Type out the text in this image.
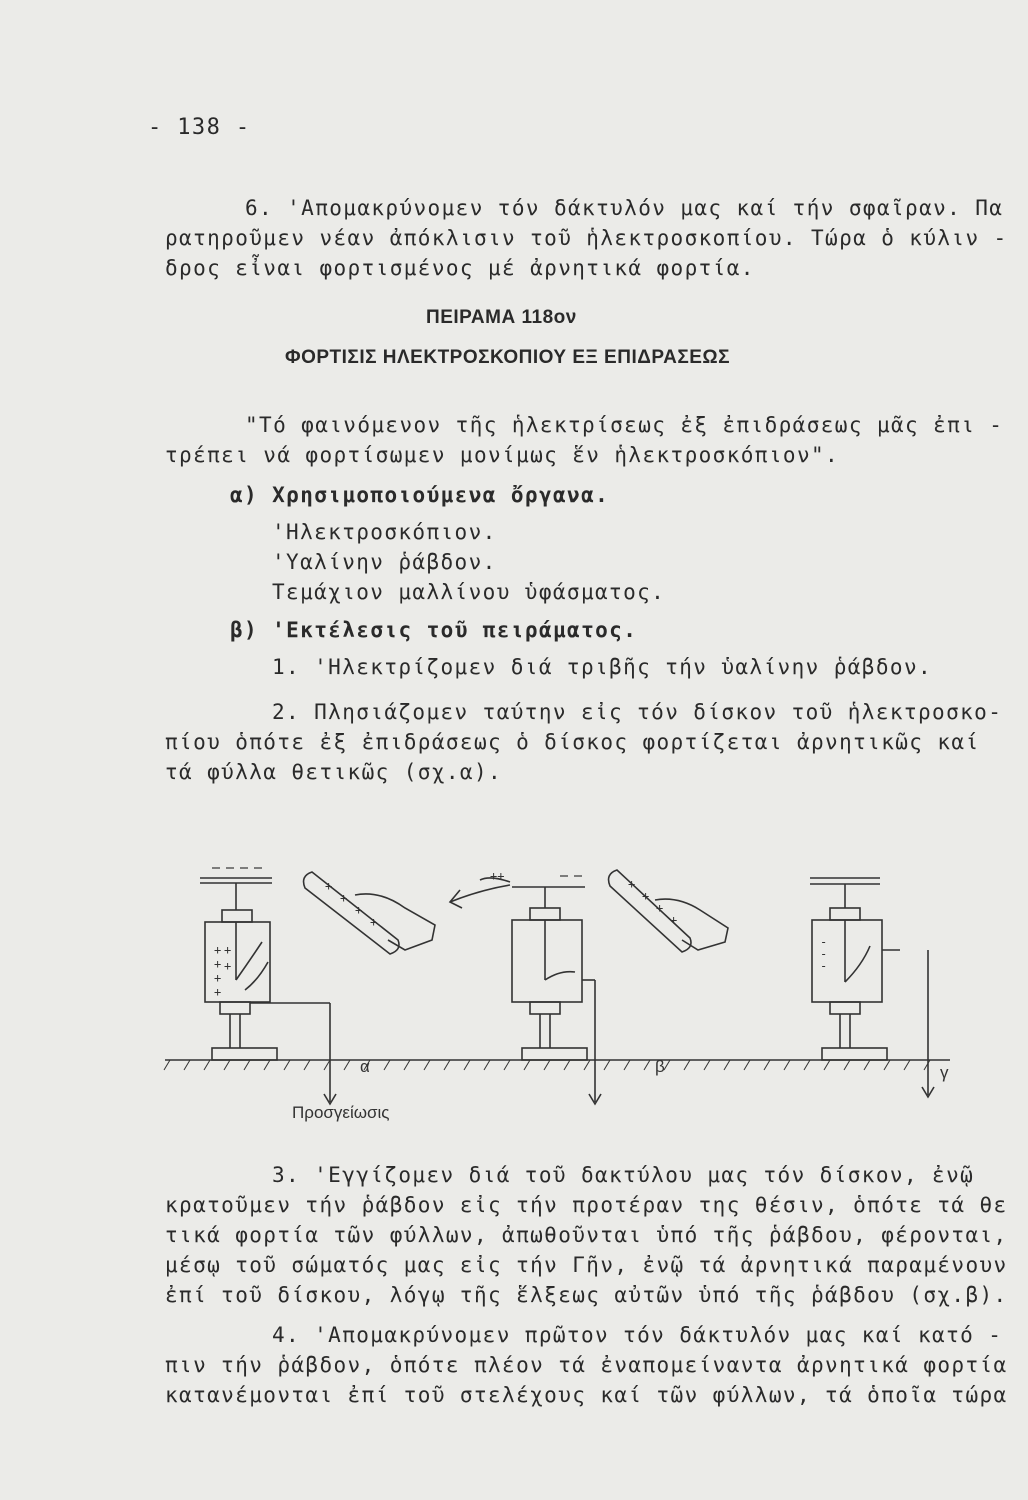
- 138 -
6. 'Απομακρύνομεν τόν δάκτυλόν μας καί τήν σφαῖραν. Πα
ρατηροῦμεν νέαν ἀπόκλισιν τοῦ ἡλεκτροσκοπίου. Τώρα ὁ κύλιν -
δρος εἶναι φορτισμένος μέ ἀρνητικά φορτία.
ΠΕΙΡΑΜΑ 118ον
ΦΟΡΤΙΣΙΣ ΗΛΕΚΤΡΟΣΚΟΠΙΟΥ ΕΞ ΕΠΙΔΡΑΣΕΩΣ
"Τό φαινόμενον τῆς ἡλεκτρίσεως ἐξ ἐπιδράσεως μᾶς ἐπι -
τρέπει νά φορτίσωμεν μονίμως ἕν ἡλεκτροσκόπιον".
α) Χρησιμοποιούμενα ὄργανα.
'Ηλεκτροσκόπιον.
'Υαλίνην ῥάβδον.
Τεμάχιον μαλλίνου ὑφάσματος.
β) 'Εκτέλεσις τοῦ πειράματος.
1. 'Ηλεκτρίζομεν διά τριβῆς τήν ὑαλίνην ῥάβδον.
2. Πλησιάζομεν ταύτην εἰς τόν δίσκον τοῦ ἡλεκτροσκο-
πίου ὁπότε ἐξ ἐπιδράσεως ὁ δίσκος φορτίζεται ἀρνητικῶς καί
τά φύλλα θετικῶς (σχ.α).
+
+
+
+
+
+
+
+
+
+
++
+
+
+
+
-
-
-
α	β	γ
Προσγείωσις
3. 'Εγγίζομεν διά τοῦ δακτύλου μας τόν δίσκον, ἐνῷ
κρατοῦμεν τήν ῥάβδον εἰς τήν προτέραν της θέσιν, ὁπότε τά θε
τικά φορτία τῶν φύλλων, ἀπωθοῦνται ὑπό τῆς ῥάβδου, φέρονται,
μέσῳ τοῦ σώματός μας εἰς τήν Γῆν, ἐνῷ τά ἀρνητικά παραμένουν
ἐπί τοῦ δίσκου, λόγῳ τῆς ἕλξεως αὐτῶν ὑπό τῆς ῥάβδου (σχ.β).
4. 'Απομακρύνομεν πρῶτον τόν δάκτυλόν μας καί κατό -
πιν τήν ῥάβδον, ὁπότε πλέον τά ἐναπομείναντα ἀρνητικά φορτία
κατανέμονται ἐπί τοῦ στελέχους καί τῶν φύλλων, τά ὁποῖα τώρα
